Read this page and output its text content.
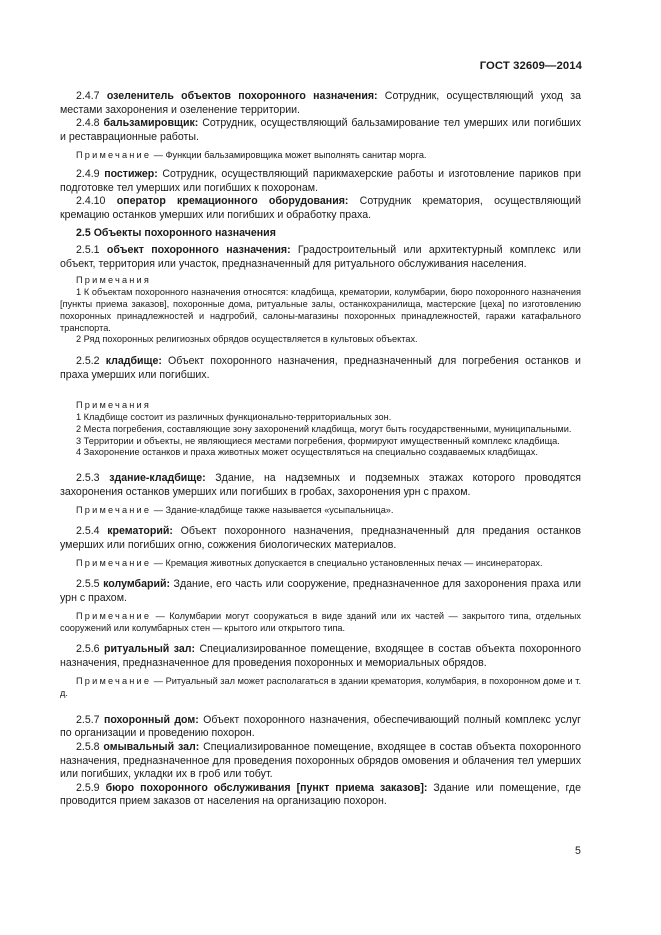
ГОСТ 32609—2014

2.4.7 озеленитель объектов похоронного назначения: Сотрудник, осуществляющий уход за местами захоронения и озеленение территории.

2.4.8 бальзамировщик: Сотрудник, осуществляющий бальзамирование тел умерших или погибших и реставрационные работы.

Примечание — Функции бальзамировщика может выполнять санитар морга.

2.4.9 постижер: Сотрудник, осуществляющий парикмахерские работы и изготовление париков при подготовке тел умерших или погибших к похоронам.

2.4.10 оператор кремационного оборудования: Сотрудник крематория, осуществляющий кремацию останков умерших или погибших и обработку праха.

2.5 Объекты похоронного назначения

2.5.1 объект похоронного назначения: Градостроительный или архитектурный комплекс или объект, территория или участок, предназначенный для ритуального обслуживания населения.

Примечания

1 К объектам похоронного назначения относятся: кладбища, крематории, колумбарии, бюро похоронного назначения [пункты приема заказов], похоронные дома, ритуальные залы, останкохранилища, мастерские [цеха] по изготовлению похоронных принадлежностей и надгробий, салоны-магазины похоронных принадлежностей, гаражи катафального транспорта.

2 Ряд похоронных религиозных обрядов осуществляется в культовых объектах.

2.5.2 кладбище: Объект похоронного назначения, предназначенный для погребения останков и праха умерших или погибших.

Примечания

1 Кладбище состоит из различных функционально-территориальных зон.

2 Места погребения, составляющие зону захоронений кладбища, могут быть государственными, муниципальными.

3 Территории и объекты, не являющиеся местами погребения, формируют имущественный комплекс кладбища.

4 Захоронение останков и праха животных может осуществляться на специально создаваемых кладбищах.

2.5.3 здание-кладбище: Здание, на надземных и подземных этажах которого проводятся захоронения останков умерших или погибших в гробах, захоронения урн с прахом.

Примечание — Здание-кладбище также называется «усыпальница».

2.5.4 крематорий: Объект похоронного назначения, предназначенный для предания останков умерших или погибших огню, сожжения биологических материалов.

Примечание — Кремация животных допускается в специально установленных печах — инсинераторах.

2.5.5 колумбарий: Здание, его часть или сооружение, предназначенное для захоронения праха или урн с прахом.

Примечание — Колумбарии могут сооружаться в виде зданий или их частей — закрытого типа, отдельных сооружений или колумбарных стен — крытого или открытого типа.

2.5.6 ритуальный зал: Специализированное помещение, входящее в состав объекта похоронного назначения, предназначенное для проведения похоронных и мемориальных обрядов.

Примечание — Ритуальный зал может располагаться в здании крематория, колумбария, в похоронном доме и т. д.

2.5.7 похоронный дом: Объект похоронного назначения, обеспечивающий полный комплекс услуг по организации и проведению похорон.

2.5.8 омывальный зал: Специализированное помещение, входящее в состав объекта похоронного назначения, предназначенное для проведения похоронных обрядов омовения и облачения тел умерших или погибших, укладки их в гроб или тобут.

2.5.9 бюро похоронного обслуживания [пункт приема заказов]: Здание или помещение, где проводится прием заказов от населения на организацию похорон.

5
